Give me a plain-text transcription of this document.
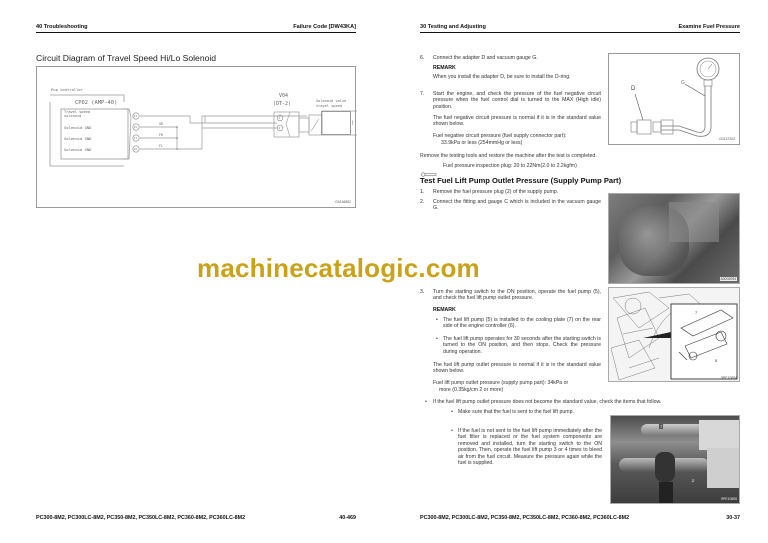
40 Troubleshooting	Failure Code [DW43KA]
Circuit Diagram of Travel Speed Hi/Lo Solenoid
⌇
Pup controller
CP02 (AMP-40)
Travel speed solenoid
Solenoid GND
Solenoid GND
Solenoid GND
33
15
11
16
GR
FH
FL
V04
(DT-2)
1
2
Solenoid valve
travel speed
G0146852
PC300-8M2, PC300LC-8M2, PC350-8M2, PC350LC-8M2, PC360-8M2, PC360LC-8M2	40-469
30 Testing and Adjusting	Examine Fuel Pressure
6. Connect the adapter D and vacuum gauge G.
REMARK
When you install the adapter D, be sure to install the O-ring.
7. Start the engine, and check the pressure of the fuel negative circuit pressure when the fuel control dial is turned to the MAX (High idle) position.
The fuel negative circuit pressure is normal if it is in the standard value shown below.
Fuel negative circuit pressure (fuel supply connector part):
33.9kPa or less (254mmHg or less)
Remove the testing tools and restore the machine after the test is completed.
Fuel pressure inspection plug: 20 to 22Nm(2.0 to 2.2kgfm)
D
G
G0147202
Test Fuel Lift Pump Outlet Pressure (Supply Pump Part)
1. Remove the fuel pressure plug (2) of the supply pump.
2. Connect the fitting and gauge C which is included in the vacuum gauge G.
A0002094
machinecatalogic.com
3. Turn the starting switch to the ON position, operate the fuel pump (5), and check the fuel lift pump outlet pressure.
REMARK
• The fuel lift pump (5) is installed to the cooling plate (7) on the rear side of the engine controller (6).
• The fuel lift pump operates for 30 seconds after the starting switch is turned to the ON position, and then stops. Check the pressure during operation.
The fuel lift pump outlet pressure is normal if it is in the standard value shown below.
Fuel lift pump outlet pressure (supply pump part): 34kPa or
more (0.35kg/cm 2 or more)
7
5
9PE10854
• If the fuel lift pump outlet pressure does not become the standard value, check the items that follow.
• Make sure that the fuel is sent to the fuel lift pump.
• If the fuel is not sent to the fuel lift pump immediately after the fuel filter is replaced or the fuel system components are removed and installed, turn the starting switch to the ON position. Then, operate the fuel lift pump 3 or 4 times to bleed air from the fuel circuit. Measure the pressure again while the fuel is supplied.
7
2
9PE10855
PC300-8M2, PC300LC-8M2, PC350-8M2, PC350LC-8M2, PC360-8M2, PC360LC-8M2	30-37
